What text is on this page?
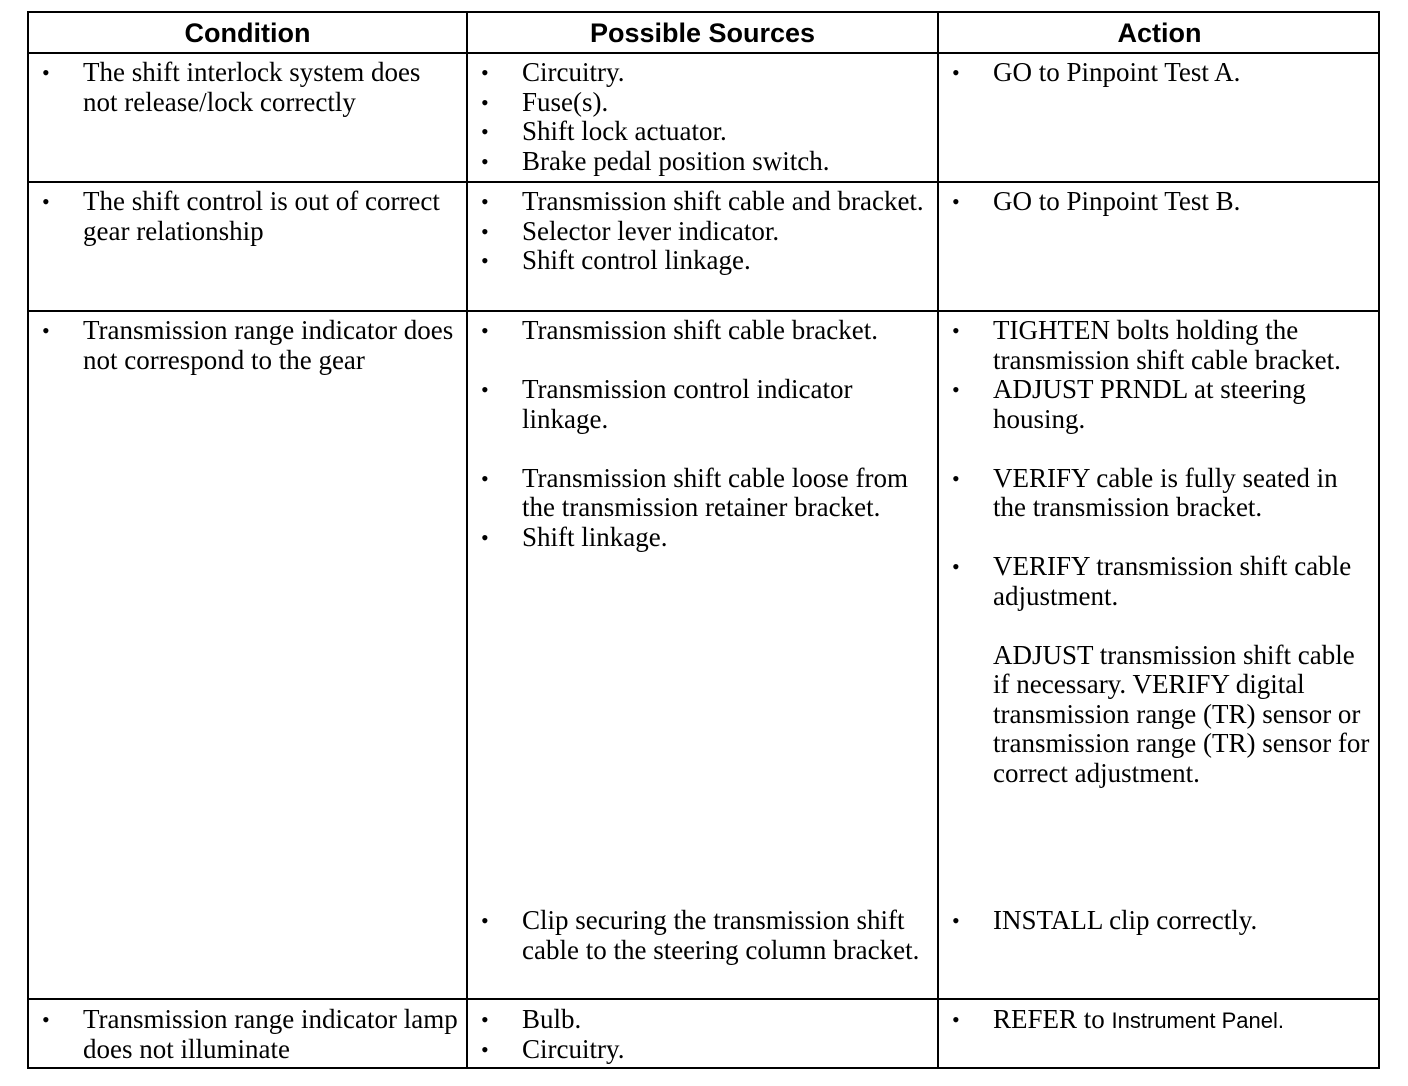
Condition	Possible Sources	Action
• The shift interlock system does not release/lock correctly
• Circuitry.
• Fuse(s).
• Shift lock actuator.
• Brake pedal position switch.
• GO to Pinpoint Test A.
• The shift control is out of correct gear relationship
• Transmission shift cable and bracket.
• Selector lever indicator.
• Shift control linkage.
• GO to Pinpoint Test B.
• Transmission range indicator does not correspond to the gear
• Transmission shift cable bracket.
• Transmission control indicator linkage.
• Transmission shift cable loose from the transmission retainer bracket.
• Shift linkage.
• Clip securing the transmission shift cable to the steering column bracket.
• TIGHTEN bolts holding the transmission shift cable bracket.
• ADJUST PRNDL at steering housing.
• VERIFY cable is fully seated in the transmission bracket.
• VERIFY transmission shift cable adjustment.
ADJUST transmission shift cable if necessary. VERIFY digital transmission range (TR) sensor or transmission range (TR) sensor for correct adjustment.
• INSTALL clip correctly.
• Transmission range indicator lamp does not illuminate
• Bulb.
• Circuitry.
• REFER to Instrument Panel.
